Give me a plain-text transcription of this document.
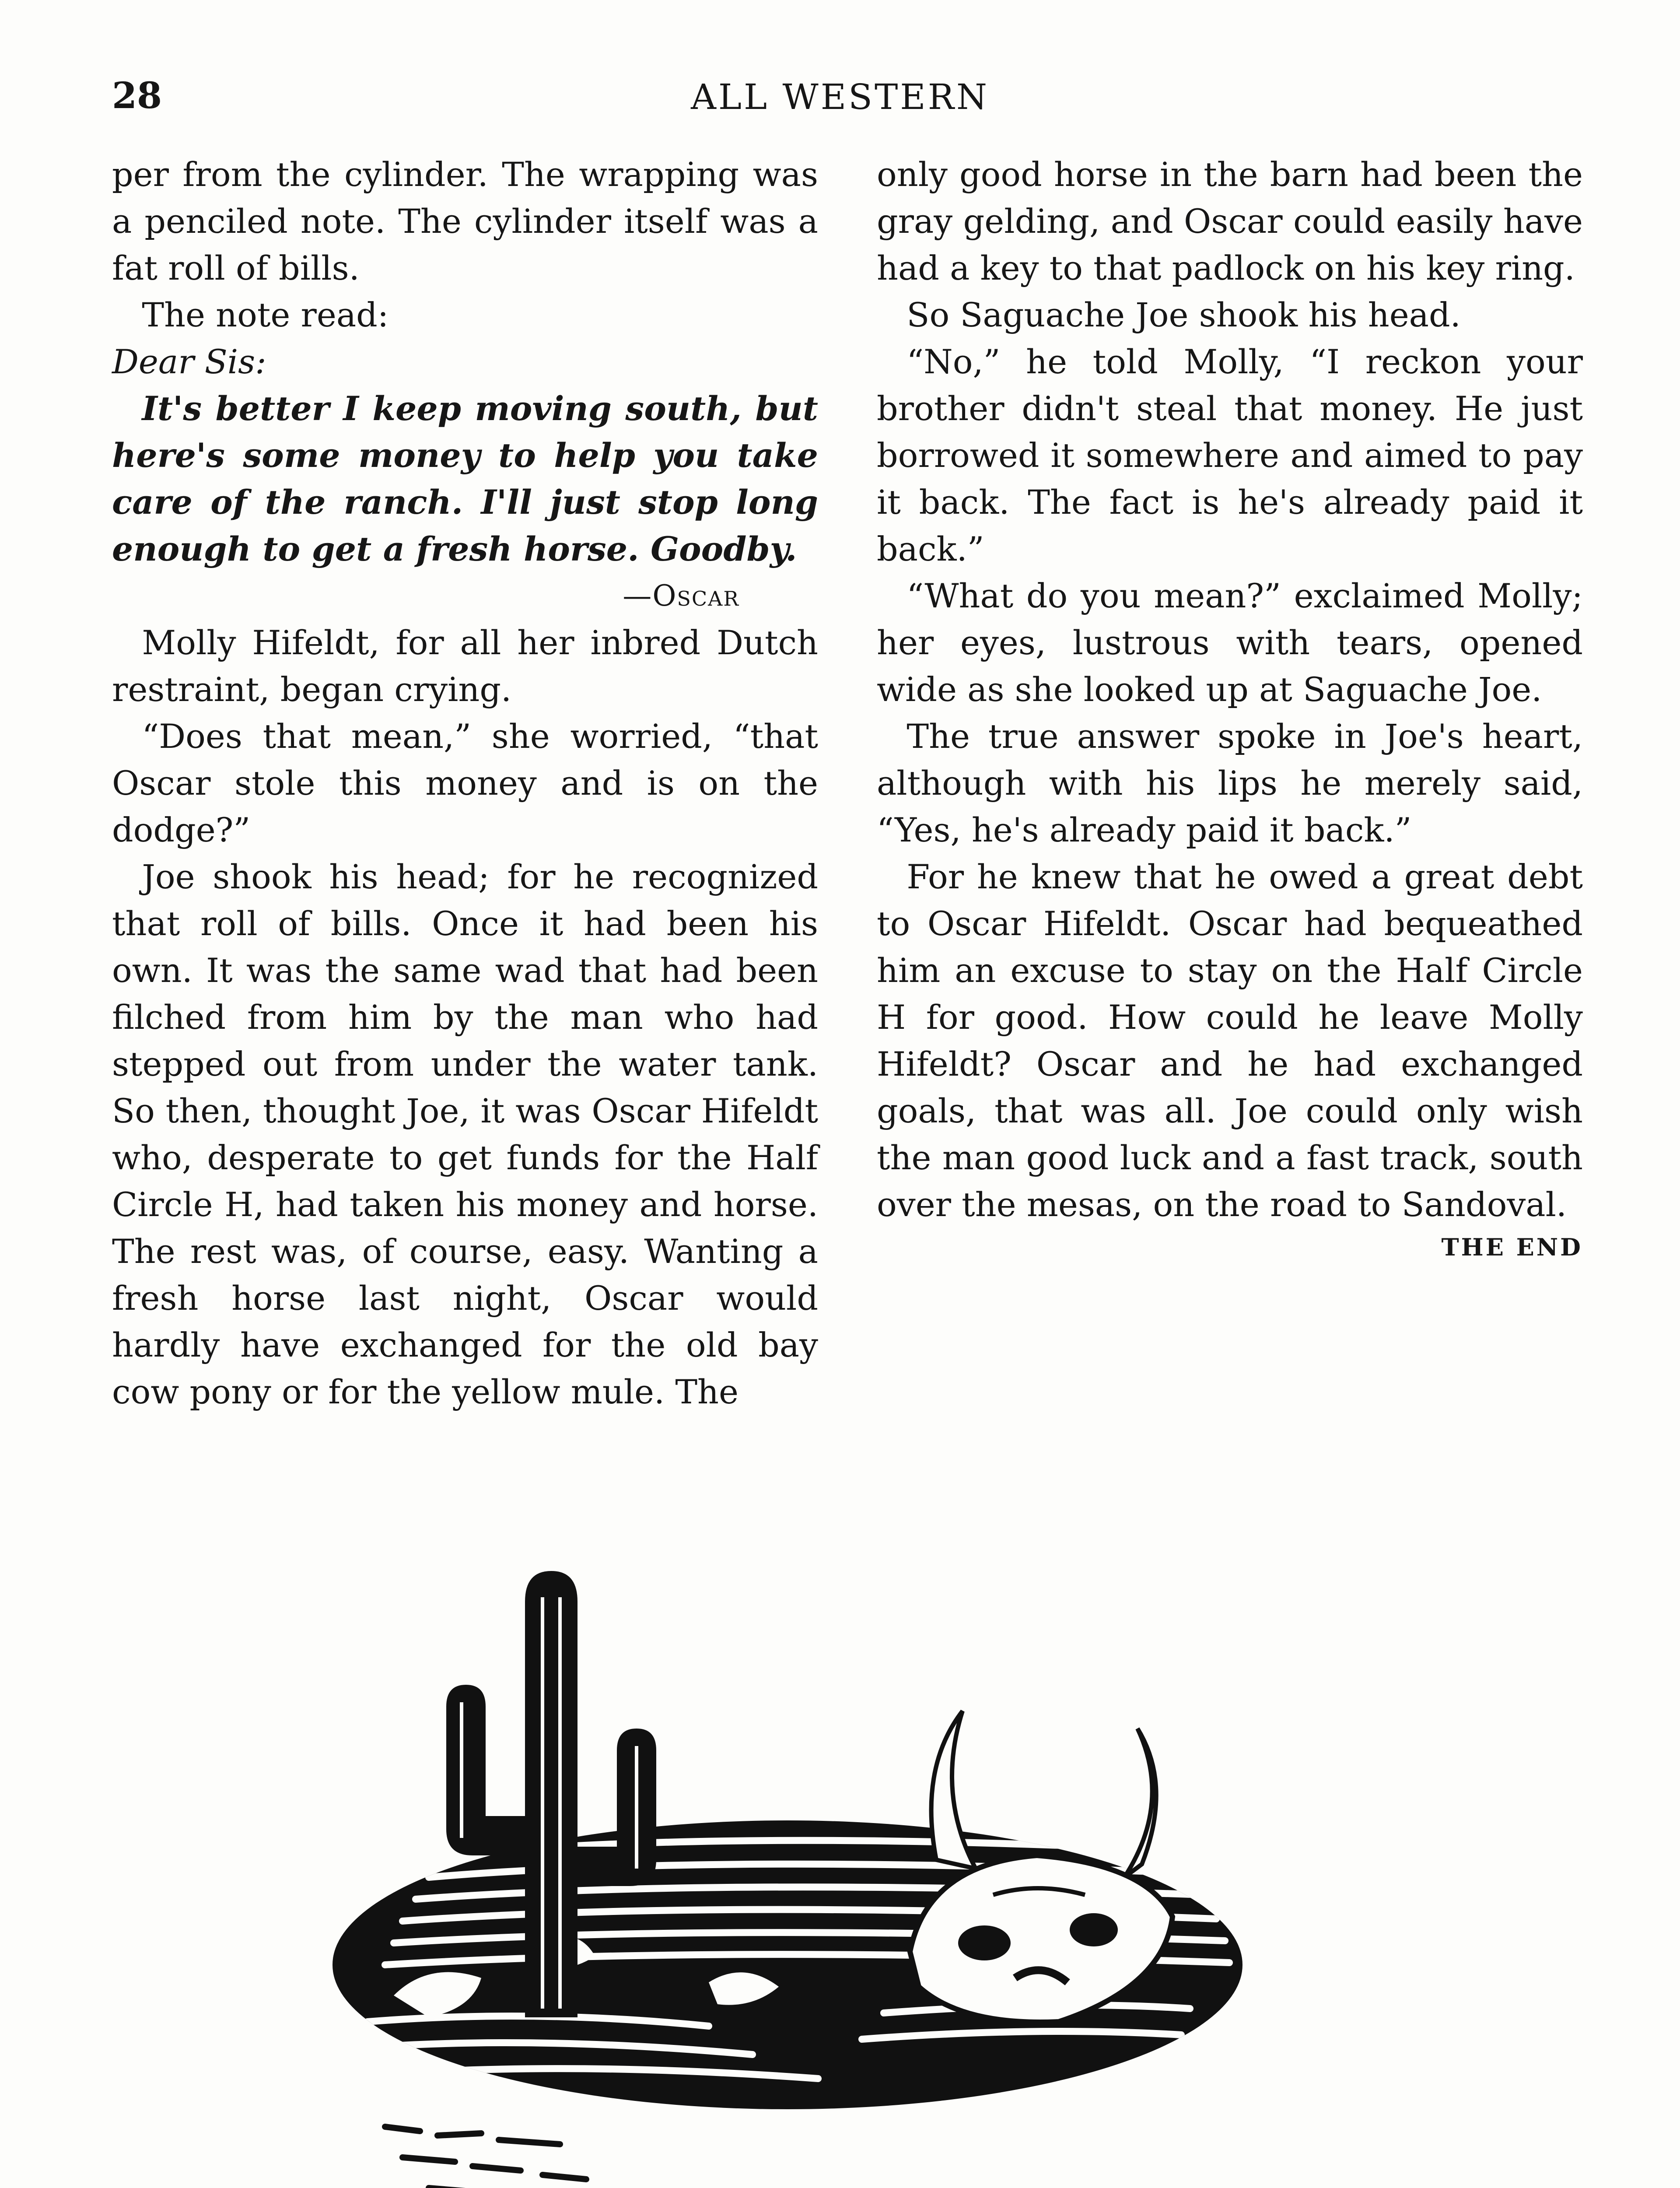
28	ALL WESTERN

per from the cylinder. The wrapping was a penciled note. The cylinder itself was a fat roll of bills.

The note read:

Dear Sis:

It's better I keep moving south, but here's some money to help you take care of the ranch. I'll just stop long enough to get a fresh horse. Goodby.

—Oscar

Molly Hifeldt, for all her inbred Dutch restraint, began crying.

“Does that mean,” she worried, “that Oscar stole this money and is on the dodge?”

Joe shook his head; for he recognized that roll of bills. Once it had been his own. It was the same wad that had been filched from him by the man who had stepped out from under the water tank. So then, thought Joe, it was Oscar Hifeldt who, desperate to get funds for the Half Circle H, had taken his money and horse. The rest was, of course, easy. Wanting a fresh horse last night, Oscar would hardly have exchanged for the old bay cow pony or for the yellow mule. The

only good horse in the barn had been the gray gelding, and Oscar could easily have had a key to that padlock on his key ring.

So Saguache Joe shook his head.

“No,” he told Molly, “I reckon your brother didn't steal that money. He just borrowed it somewhere and aimed to pay it back. The fact is he's already paid it back.”

“What do you mean?” exclaimed Molly; her eyes, lustrous with tears, opened wide as she looked up at Saguache Joe.

The true answer spoke in Joe's heart, although with his lips he merely said, “Yes, he's already paid it back.”

For he knew that he owed a great debt to Oscar Hifeldt. Oscar had bequeathed him an excuse to stay on the Half Circle H for good. How could he leave Molly Hifeldt? Oscar and he had exchanged goals, that was all. Joe could only wish the man good luck and a fast track, south over the mesas, on the road to Sandoval.

THE END
